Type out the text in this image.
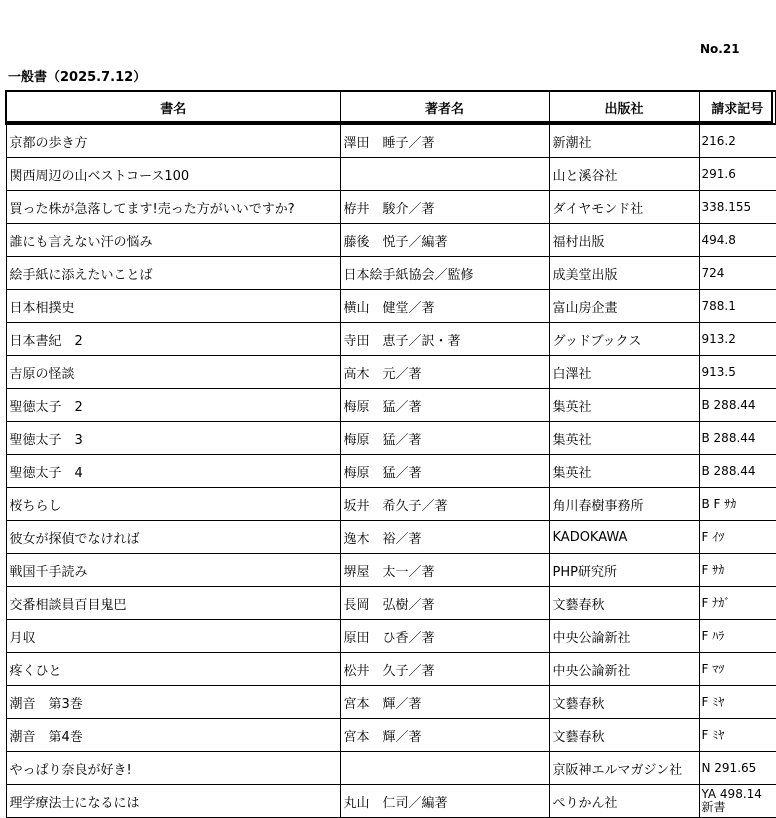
No.21
一般書（2025.7.12）
書名	著者名	出版社	請求記号
京都の歩き方	澤田　睡子／著	新潮社	216.2
関西周辺の山ベストコース100		山と溪谷社	291.6
買った株が急落してます!売った方がいいですか?	栫井　駿介／著	ダイヤモンド社	338.155
誰にも言えない汗の悩み	藤後　悦子／編著	福村出版	494.8
絵手紙に添えたいことば	日本絵手紙協会／監修	成美堂出版	724
日本相撲史	横山　健堂／著	富山房企畫	788.1
日本書紀　2	寺田　恵子／訳・著	グッドブックス	913.2
吉原の怪談	高木　元／著	白澤社	913.5
聖徳太子　2	梅原　猛／著	集英社	B 288.44
聖徳太子　3	梅原　猛／著	集英社	B 288.44
聖徳太子　4	梅原　猛／著	集英社	B 288.44
桜ちらし	坂井　希久子／著	角川春樹事務所	B F ｻｶ
彼女が探偵でなければ	逸木　裕／著	KADOKAWA	F ｲﾂ
戦国千手読み	堺屋　太一／著	PHP研究所	F ｻｶ
交番相談員百目鬼巴	長岡　弘樹／著	文藝春秋	F ﾅｶﾞ
月収	原田　ひ香／著	中央公論新社	F ﾊﾗ
疼くひと	松井　久子／著	中央公論新社	F ﾏﾂ
潮音　第3巻	宮本　輝／著	文藝春秋	F ﾐﾔ
潮音　第4巻	宮本　輝／著	文藝春秋	F ﾐﾔ
やっぱり奈良が好き!		京阪神エルマガジン社	N 291.65
理学療法士になるには	丸山　仁司／編著	ぺりかん社	YA 498.14
新書
